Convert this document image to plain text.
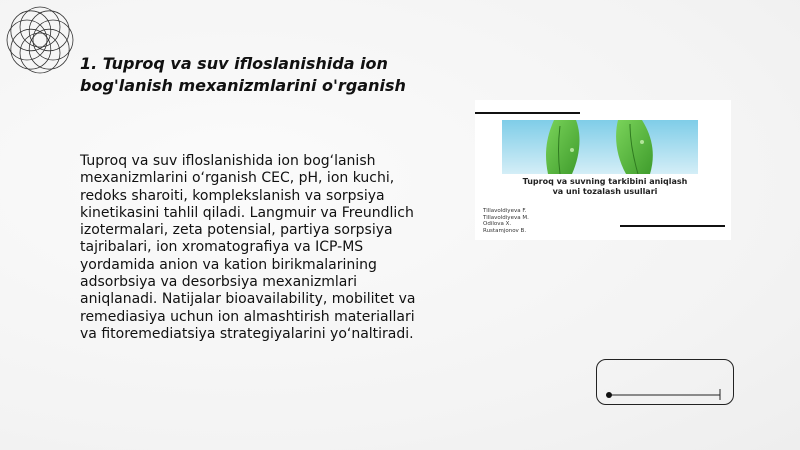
1. Tuproq va suv ifloslanishida ion bog'lanish mexanizmlarini o'rganish
Tuproq va suv ifloslanishida ion bog‘lanish mexanizmlarini o‘rganish CEC, pH, ion kuchi, redoks sharoiti, komplekslanish va sorpsiya kinetikasini tahlil qiladi. Langmuir va Freundlich izotermalari, zeta potensial, partiya sorpsiya tajribalari, ion xromatografiya va ICP-MS yordamida anion va kation birikmalarining adsorbsiya va desorbsiya mexanizmlari aniqlanadi. Natijalar bioavailability, mobilitet va remediasiya uchun ion almashtirish materiallari va fitoremediatsiya strategiyalarini yo‘naltiradi.
Tuproq va suvning tarkibini aniqlash va uni tozalash usullari
Tillavoldiyeva F.
Tillavoldiyeva M.
Odilova X.
Rustamjonov B.
